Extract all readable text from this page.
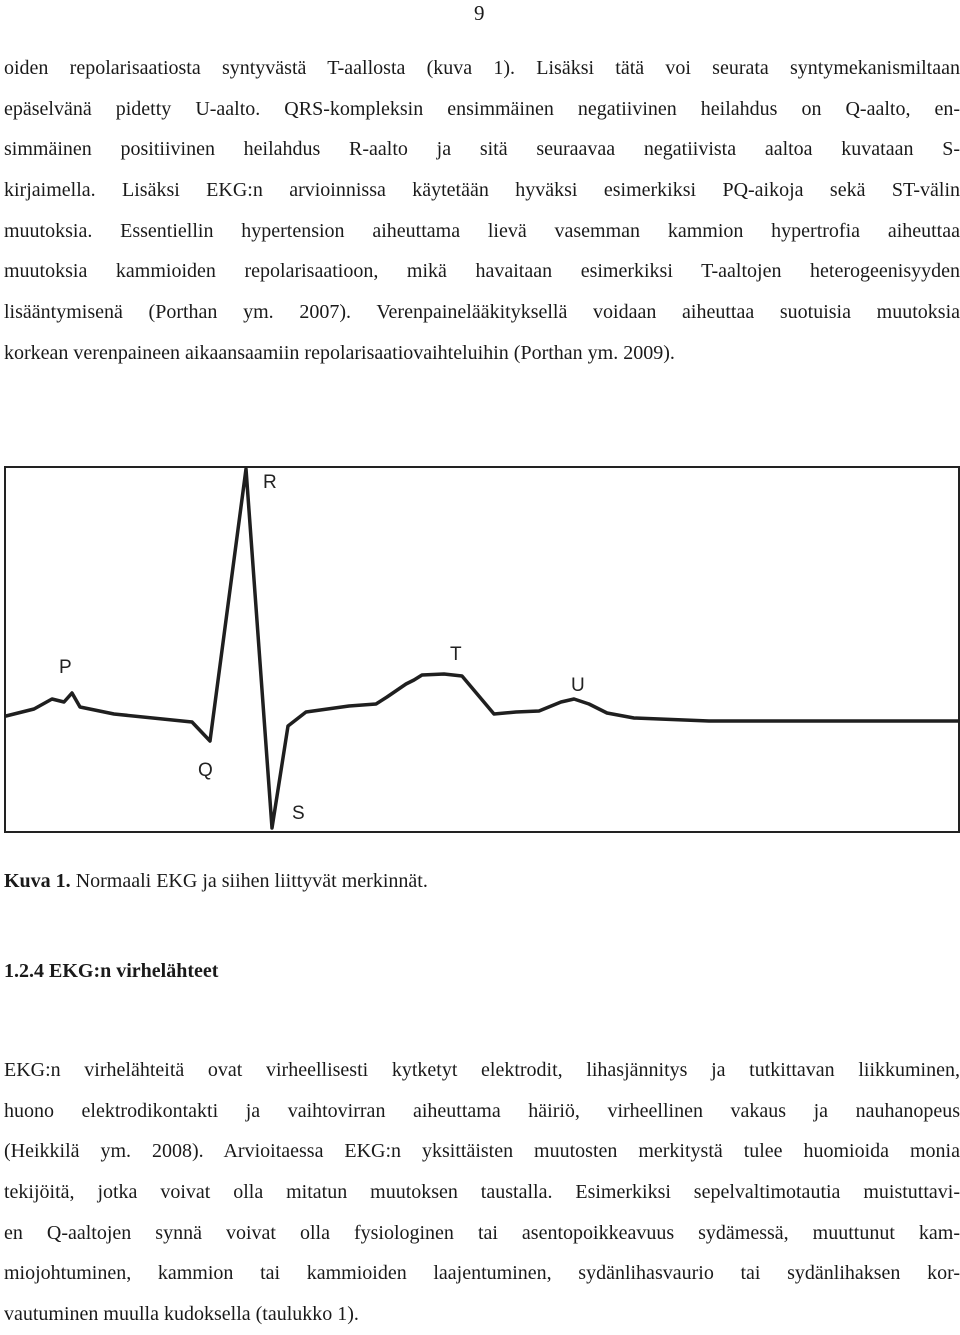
9
oiden repolarisaatiosta syntyvästä T-aallosta (kuva 1). Lisäksi tätä voi seurata syntymekanismiltaan
epäselvänä pidetty U-aalto. QRS-kompleksin ensimmäinen negatiivinen heilahdus on Q-aalto, en-
simmäinen positiivinen heilahdus R-aalto ja sitä seuraavaa negatiivista aaltoa kuvataan S-
kirjaimella. Lisäksi EKG:n arvioinnissa käytetään hyväksi esimerkiksi PQ-aikoja sekä ST-välin
muutoksia. Essentiellin hypertension aiheuttama lievä vasemman kammion hypertrofia aiheuttaa
muutoksia kammioiden repolarisaatioon, mikä havaitaan esimerkiksi T-aaltojen heterogeenisyyden
lisääntymisenä (Porthan ym. 2007). Verenpainelääkityksellä voidaan aiheuttaa suotuisia muutoksia
korkean verenpaineen aikaansaamiin repolarisaatiovaihteluihin (Porthan ym. 2009).
R
P
T
U
Q
S
Kuva 1. Normaali EKG ja siihen liittyvät merkinnät.
1.2.4 EKG:n virhelähteet
EKG:n virhelähteitä ovat virheellisesti kytketyt elektrodit, lihasjännitys ja tutkittavan liikkuminen,
huono elektrodikontakti ja vaihtovirran aiheuttama häiriö, virheellinen vakaus ja nauhanopeus
(Heikkilä ym. 2008). Arvioitaessa EKG:n yksittäisten muutosten merkitystä tulee huomioida monia
tekijöitä, jotka voivat olla mitatun muutoksen taustalla. Esimerkiksi sepelvaltimotautia muistuttavi-
en Q-aaltojen synnä voivat olla fysiologinen tai asentopoikkeavuus sydämessä, muuttunut kam-
miojohtuminen, kammion tai kammioiden laajentuminen, sydänlihasvaurio tai sydänlihaksen kor-
vautuminen muulla kudoksella (taulukko 1).
